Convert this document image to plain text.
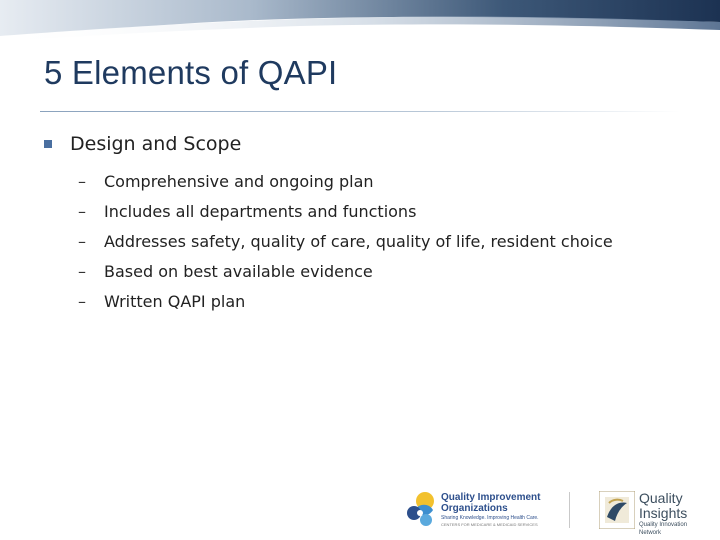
5 Elements of QAPI
Design and Scope
–	Comprehensive and ongoing plan
–	Includes all departments and functions
–	Addresses safety, quality of care, quality of life, resident choice
–	Based on best available evidence
–	Written QAPI plan
Quality Improvement
Organizations
Sharing Knowledge. Improving Health Care.
CENTERS FOR MEDICARE & MEDICAID SERVICES
Quality
Insights
Quality Innovation Network
